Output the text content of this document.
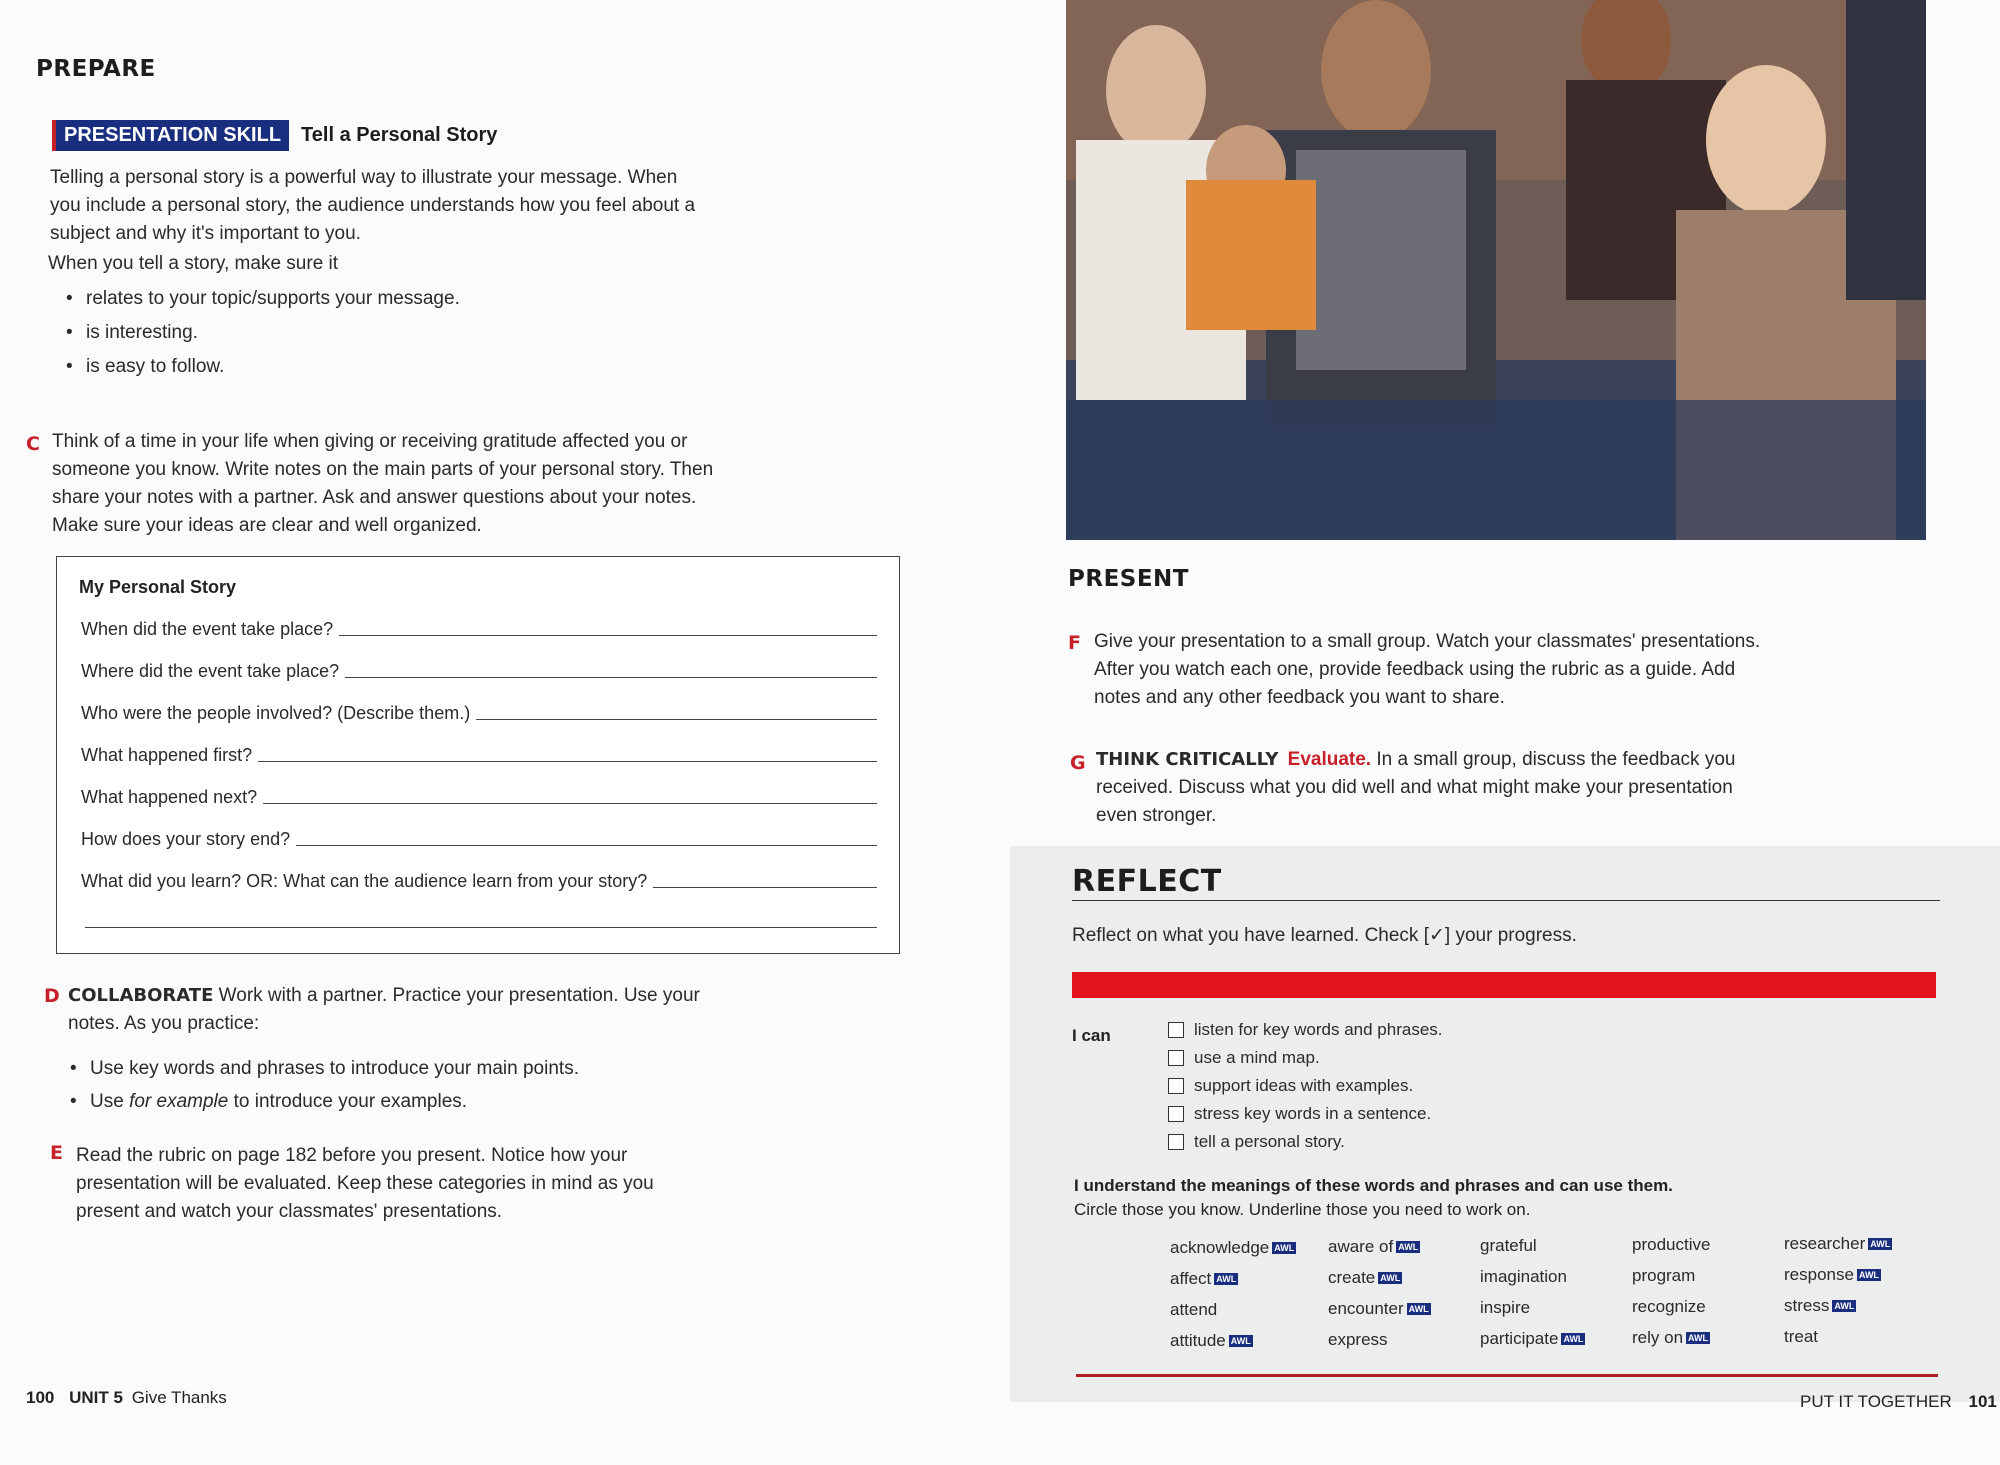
PREPARE
PRESENTATION SKILL	Tell a Personal Story
Telling a personal story is a powerful way to illustrate your message. When you include a personal story, the audience understands how you feel about a subject and why it's important to you.
When you tell a story, make sure it
• relates to your topic/supports your message.
• is interesting.
• is easy to follow.
C Think of a time in your life when giving or receiving gratitude affected you or someone you know. Write notes on the main parts of your personal story. Then share your notes with a partner. Ask and answer questions about your notes. Make sure your ideas are clear and well organized.
My Personal Story
When did the event take place?
Where did the event take place?
Who were the people involved? (Describe them.)
What happened first?
What happened next?
How does your story end?
What did you learn? OR: What can the audience learn from your story?
D COLLABORATE Work with a partner. Practice your presentation. Use your notes. As you practice:
• Use key words and phrases to introduce your main points.
• Use for example to introduce your examples.
E Read the rubric on page 182 before you present. Notice how your presentation will be evaluated. Keep these categories in mind as you present and watch your classmates' presentations.
100 UNIT 5 Give Thanks
PRESENT
F Give your presentation to a small group. Watch your classmates' presentations. After you watch each one, provide feedback using the rubric as a guide. Add notes and any other feedback you want to share.
G THINK CRITICALLY Evaluate. In a small group, discuss the feedback you received. Discuss what you did well and what might make your presentation even stronger.
REFLECT
Reflect on what you have learned. Check [✓] your progress.
I can	listen for key words and phrases.
use a mind map.
support ideas with examples.
stress key words in a sentence.
tell a personal story.
I understand the meanings of these words and phrases and can use them.
Circle those you know. Underline those you need to work on.
acknowledge AWL
affect AWL
attend
attitude AWL
aware of AWL
create AWL
encounter AWL
express
grateful
imagination
inspire
participate AWL
productive
program
recognize
rely on AWL
researcher AWL
response AWL
stress AWL
treat
PUT IT TOGETHER 101
